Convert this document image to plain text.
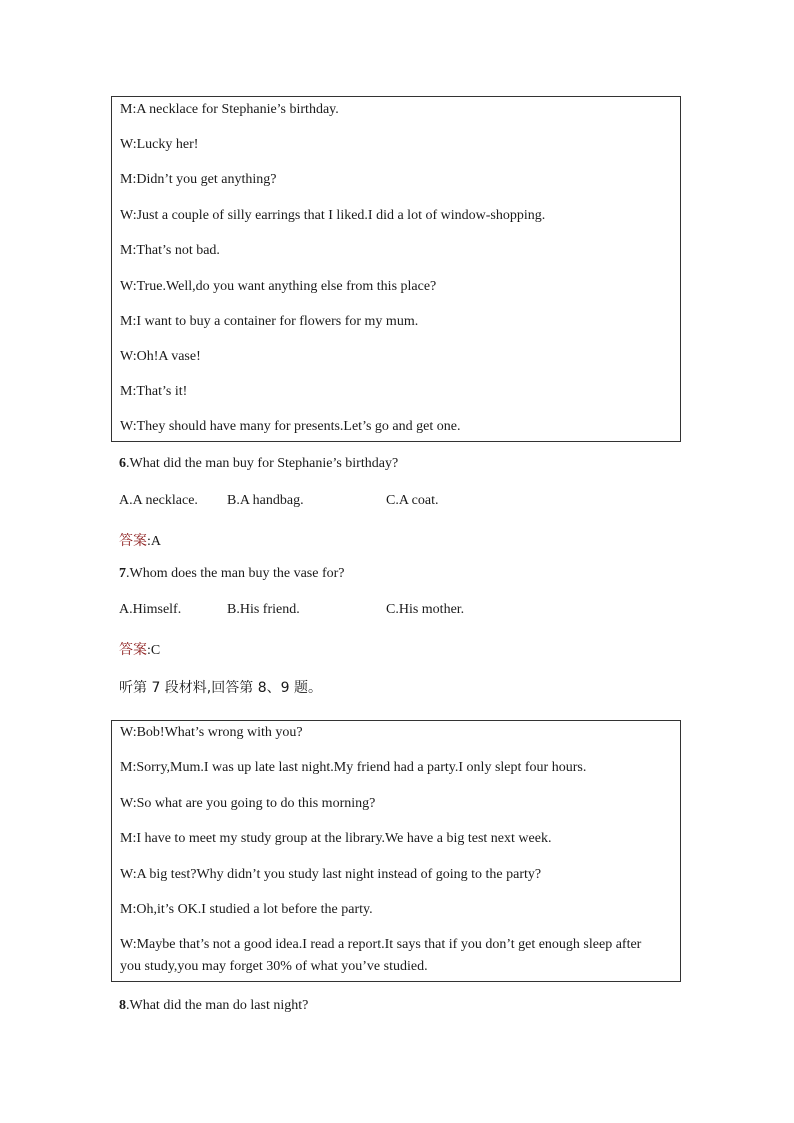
M:A necklace for Stephanie’s birthday.
W:Lucky her!
M:Didn’t you get anything?
W:Just a couple of silly earrings that I liked.I did a lot of window-shopping.
M:That’s not bad.
W:True.Well,do you want anything else from this place?
M:I want to buy a container for flowers for my mum.
W:Oh!A vase!
M:That’s it!
W:They should have many for presents.Let’s go and get one.
6.What did the man buy for Stephanie’s birthday?
A.A necklace. B.A handbag.	C.A coat.
答案:A
7.Whom does the man buy the vase for?
A.Himself.	B.His friend.	C.His mother.
答案:C
听第 7 段材料,回答第 8、9 题。
W:Bob!What’s wrong with you?
M:Sorry,Mum.I was up late last night.My friend had a party.I only slept four hours.
W:So what are you going to do this morning?
M:I have to meet my study group at the library.We have a big test next week.
W:A big test?Why didn’t you study last night instead of going to the party?
M:Oh,it’s OK.I studied a lot before the party.
W:Maybe that’s not a good idea.I read a report.It says that if you don’t get enough sleep after you study,you may forget 30% of what you’ve studied.
8.What did the man do last night?
